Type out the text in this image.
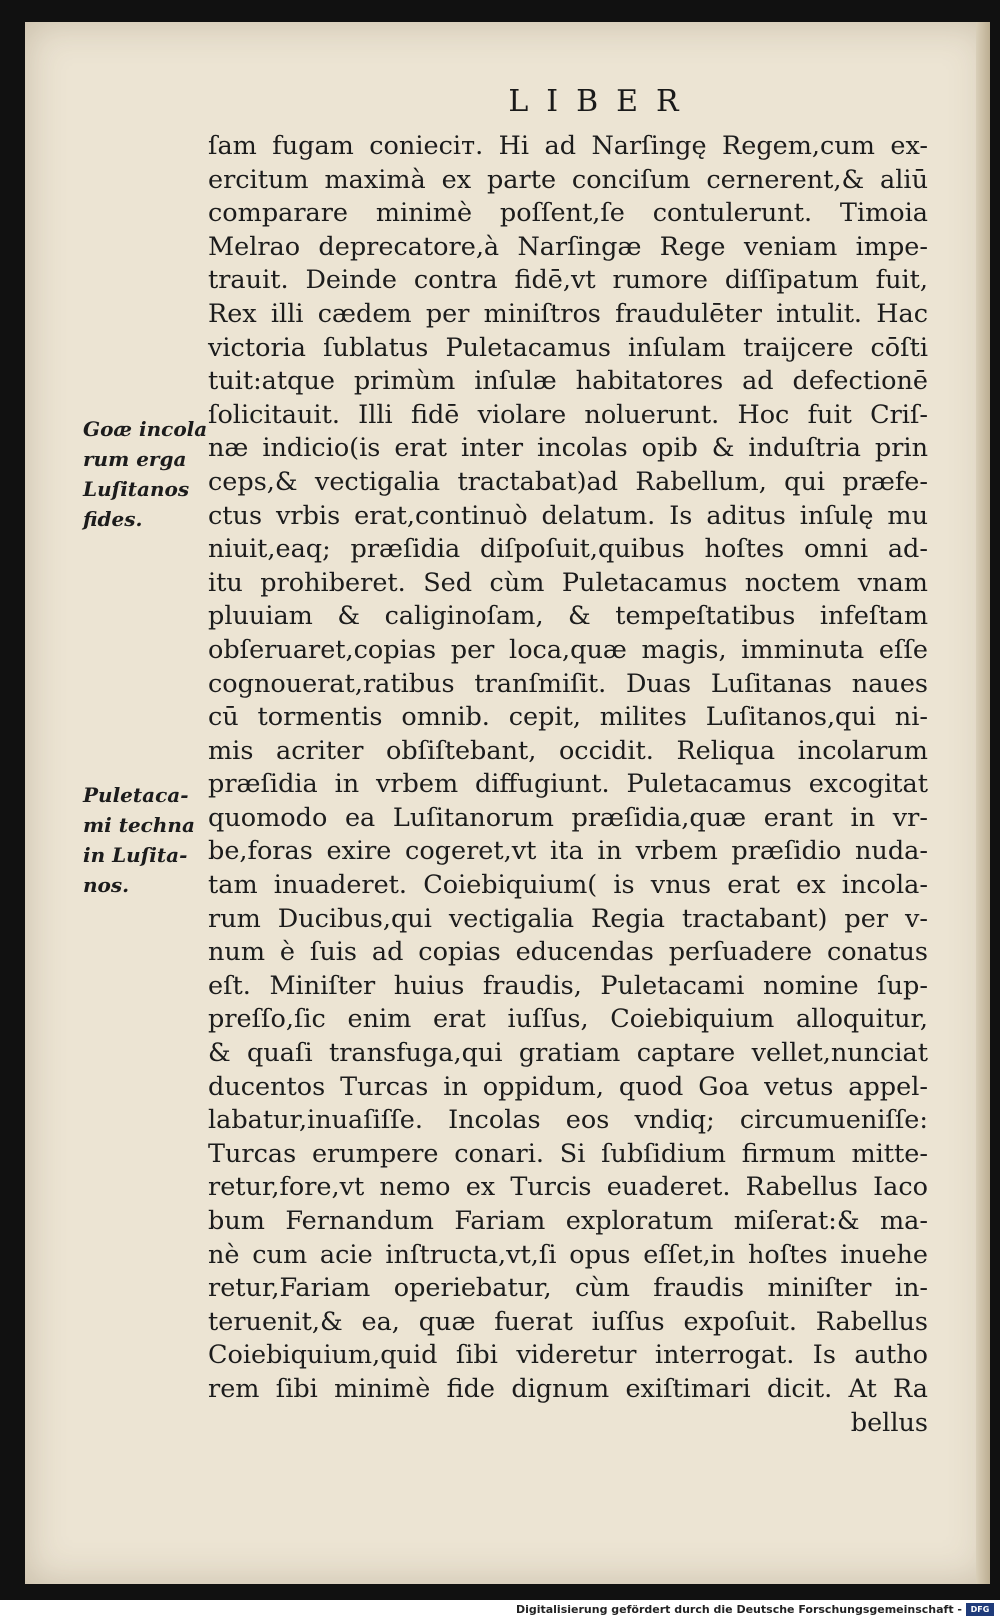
LIBER
Goæ incola
rum erga
Luſitanos
fides.
Puletaca-
mi techna
in Luſita-
nos.
ſam fugam conieciт. Hi ad Narſingę Regem,cum ex-
ercitum maximà ex parte conciſum cernerent,& aliū
comparare minimè poſſent,ſe contulerunt. Timoia
Melrao deprecatore,à Narſingæ Rege veniam impe-
trauit. Deinde contra fidē,vt rumore diſſipatum fuit,
Rex illi cædem per miniſtros fraudulēter intulit. Hac
victoria ſublatus Puletacamus inſulam traijcere cōſti
tuit:atque primùm inſulæ habitatores ad defectionē
ſolicitauit. Illi fidē violare noluerunt. Hoc fuit Criſ-
næ indicio(is erat inter incolas opib & induſtria prin
ceps,& vectigalia tractabat)ad Rabellum, qui præfe-
ctus vrbis erat,continuò delatum. Is aditus inſulę mu
niuit,eaq; præſidia diſpoſuit,quibus hoſtes omni ad-
itu prohiberet. Sed cùm Puletacamus noctem vnam
pluuiam & caliginoſam, & tempeſtatibus infeſtam
obſeruaret,copias per loca,quæ magis, imminuta eſſe
cognouerat,ratibus tranſmiſit. Duas Luſitanas naues
cū tormentis omnib. cepit, milites Luſitanos,qui ni-
mis acriter obſiſtebant, occidit. Reliqua incolarum
præſidia in vrbem diffugiunt. Puletacamus excogitat
quomodo ea Luſitanorum præſidia,quæ erant in vr-
be,foras exire cogeret,vt ita in vrbem præſidio nuda-
tam inuaderet. Coiebiquium( is vnus erat ex incola-
rum Ducibus,qui vectigalia Regia tractabant) per v-
num è ſuis ad copias educendas perſuadere conatus
eſt. Miniſter huius fraudis, Puletacami nomine ſup-
preſſo,ſic enim erat iuſſus, Coiebiquium alloquitur,
& quaſi transfuga,qui gratiam captare vellet,nunciat
ducentos Turcas in oppidum, quod Goa vetus appel-
labatur,inuaſiſſe. Incolas eos vndiq; circumueniſſe:
Turcas erumpere conari. Si ſubſidium firmum mitte-
retur,fore,vt nemo ex Turcis euaderet. Rabellus Iaco
bum Fernandum Fariam exploratum miſerat:& ma-
nè cum acie inſtructa,vt,ſi opus eſſet,in hoſtes inuehe
retur,Fariam operiebatur, cùm fraudis miniſter in-
teruenit,& ea, quæ fuerat iuſſus expoſuit. Rabellus
Coiebiquium,quid ſibi videretur interrogat. Is autho
rem ſibi minimè fide dignum exiſtimari dicit. At Ra
bellus
Digitalisierung gefördert durch die Deutsche Forschungsgemeinschaft -	DFG
